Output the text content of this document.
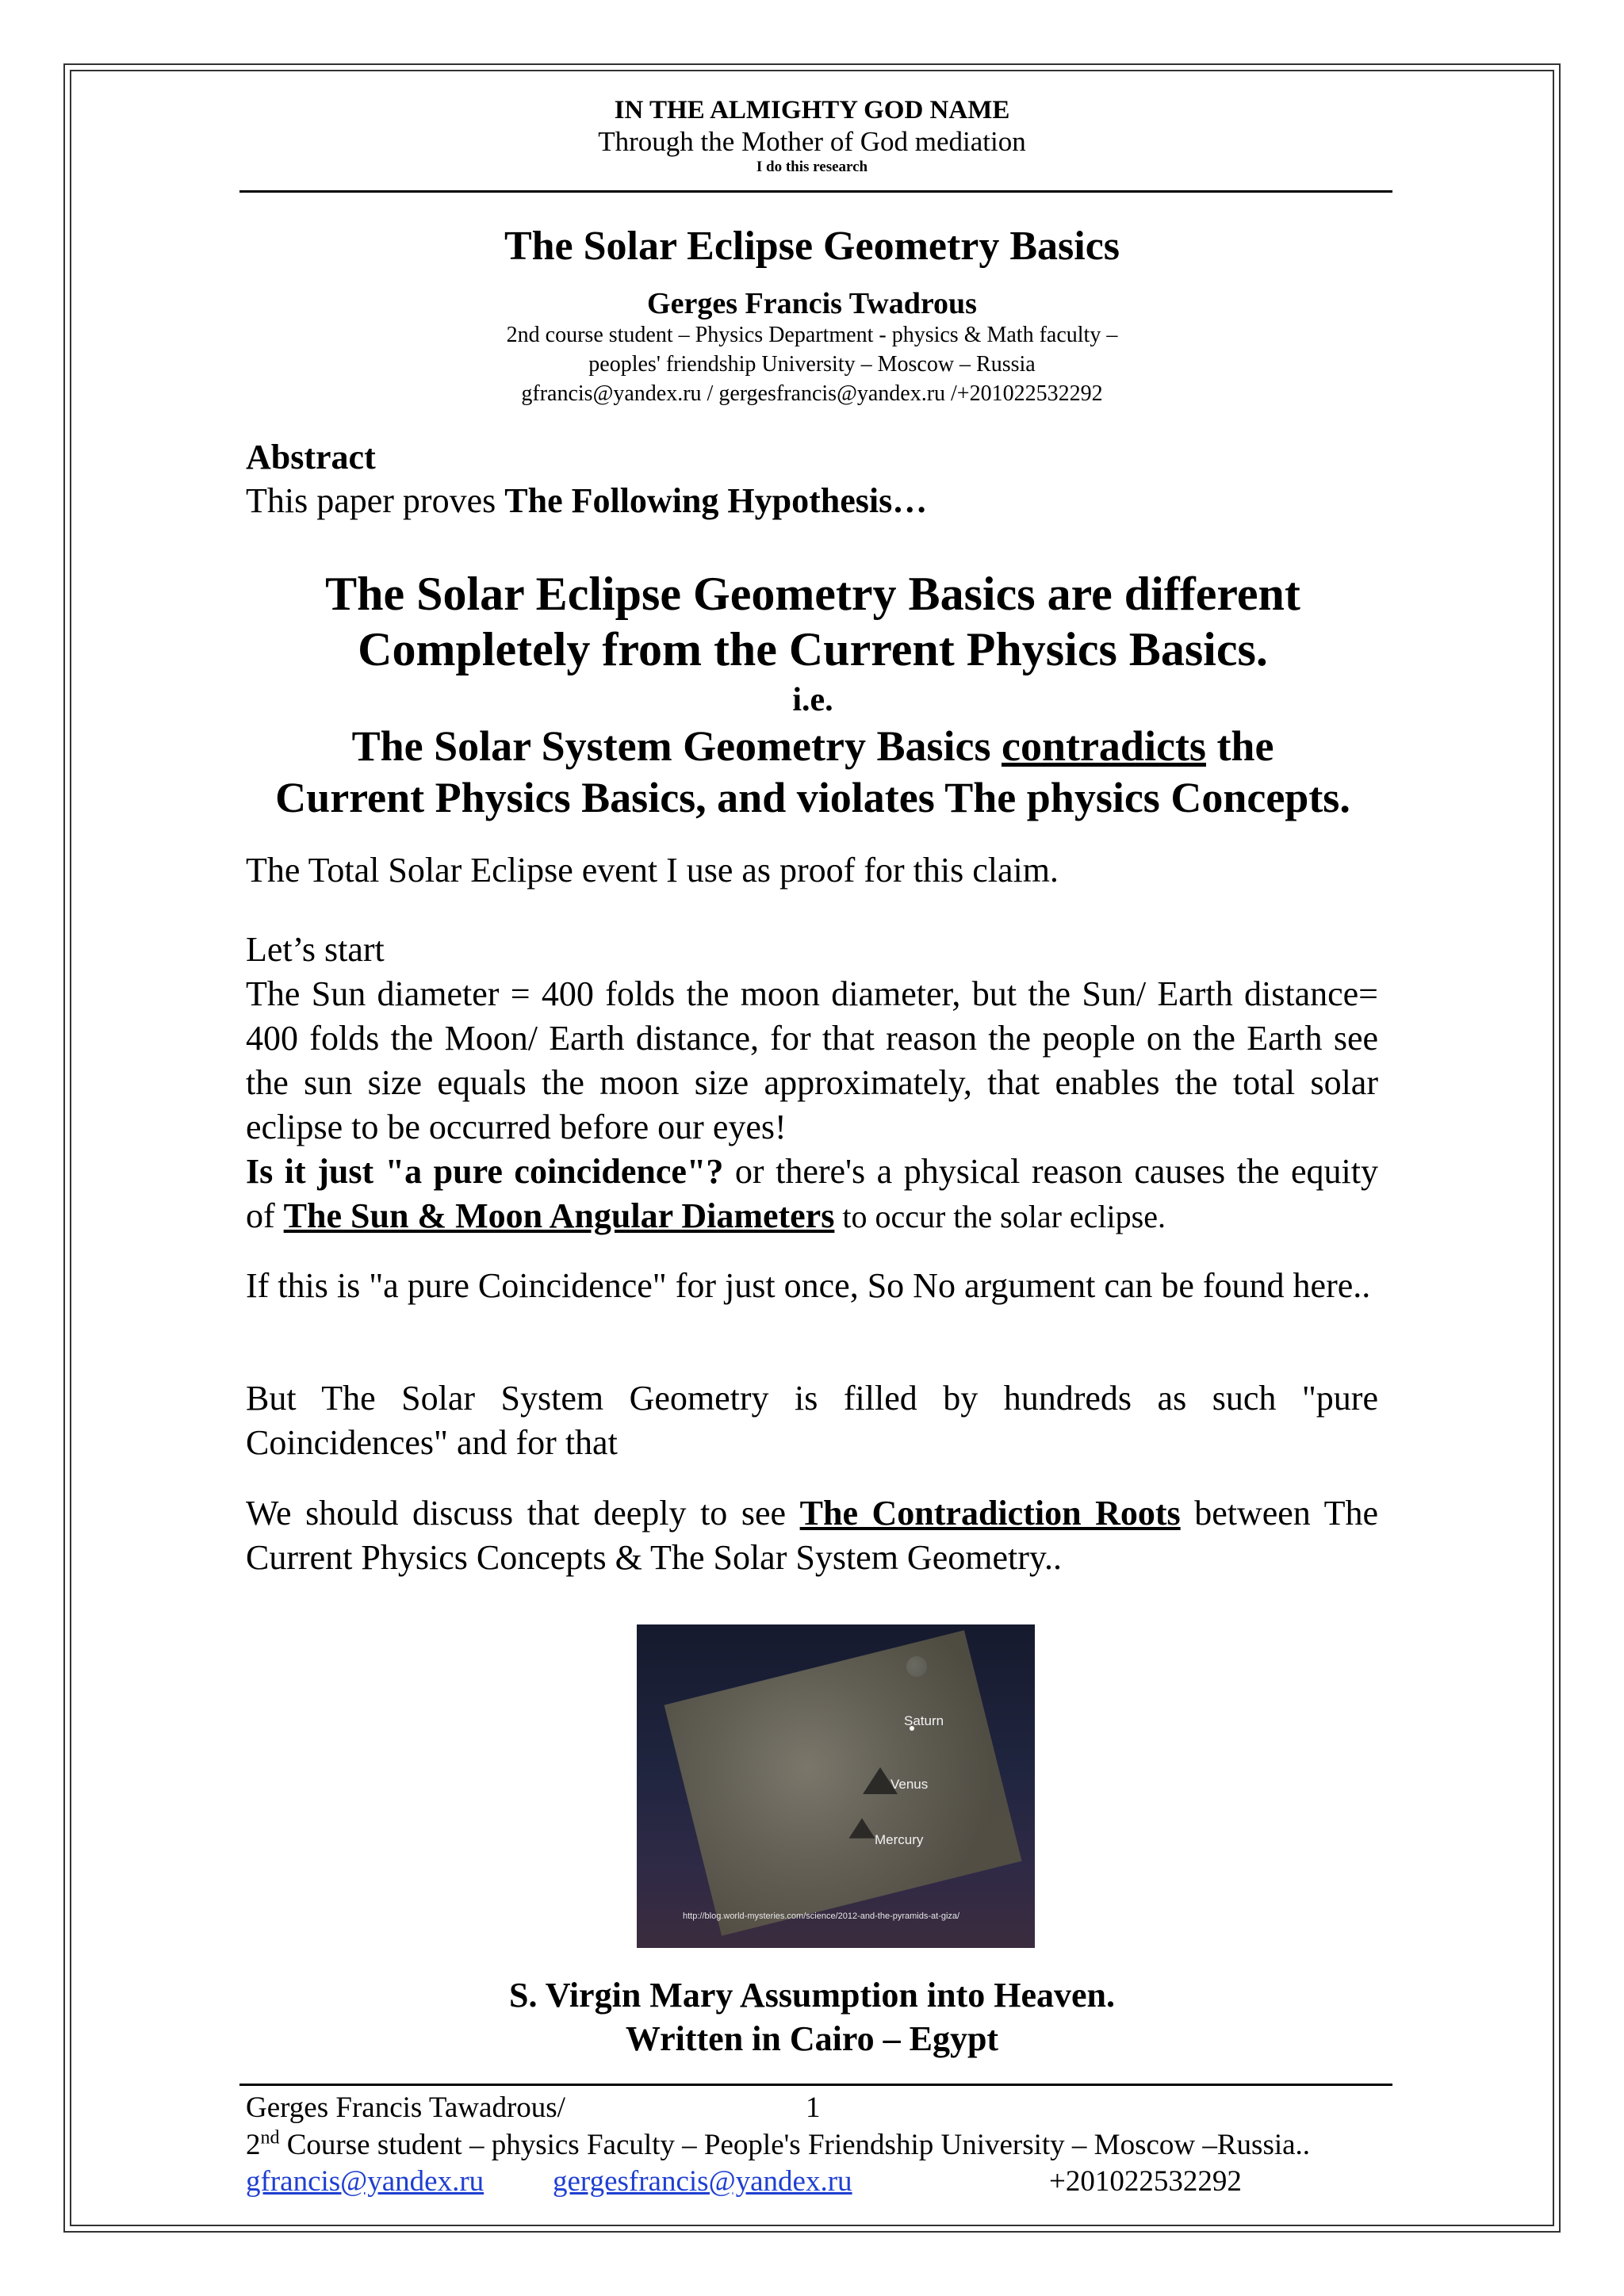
IN THE ALMIGHTY GOD NAME
Through the Mother of God mediation
I do this research
The Solar Eclipse Geometry Basics
Gerges Francis Twadrous
2nd course student – Physics Department - physics & Math faculty –
peoples' friendship University – Moscow – Russia
gfrancis@yandex.ru / gergesfrancis@yandex.ru /+201022532292
Abstract
This paper proves The Following Hypothesis…
The Solar Eclipse Geometry Basics are different
Completely from the Current Physics Basics.
i.e.
The Solar System Geometry Basics contradicts the
Current Physics Basics, and violates The physics Concepts.
The Total Solar Eclipse event I use as proof for this claim.
Let’s start
The Sun diameter = 400 folds the moon diameter, but the Sun/ Earth distance= 400 folds the Moon/ Earth distance, for that reason the people on the Earth see the sun size equals the moon size approximately, that enables the total solar eclipse to be occurred before our eyes!
Is it just "a pure coincidence"? or there's a physical reason causes the equity of The Sun & Moon Angular Diameters to occur the solar eclipse.
If this is "a pure Coincidence" for just once, So No argument can be found here..
But The Solar System Geometry is filled by hundreds as such "pure Coincidences" and for that
We should discuss that deeply to see The Contradiction Roots between The Current Physics Concepts & The Solar System Geometry..
Saturn
Venus
Mercury
http://blog.world-mysteries.com/science/2012-and-the-pyramids-at-giza/
S. Virgin Mary Assumption into Heaven.
Written in Cairo – Egypt
Gerges Francis Tawadrous/	1
2nd Course student – physics Faculty – People's Friendship University – Moscow –Russia..
gfrancis@yandex.ru gergesfrancis@yandex.ru	+201022532292
